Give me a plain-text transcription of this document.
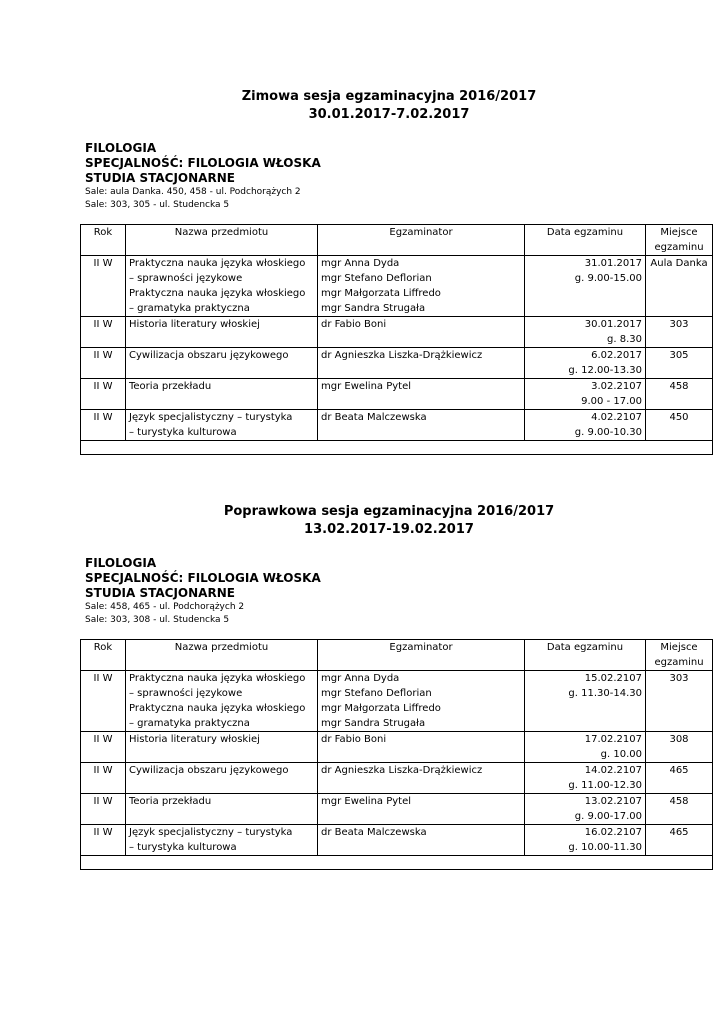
Zimowa sesja egzaminacyjna 2016/2017
30.01.2017-7.02.2017
FILOLOGIA
SPECJALNOŚĆ: FILOLOGIA WŁOSKA
STUDIA STACJONARNE
Sale: aula Danka. 450, 458 - ul. Podchorążych 2
Sale: 303, 305 - ul. Studencka 5
Rok	Nazwa przedmiotu	Egzaminator	Data egzaminu	Miejsce
egzaminu

II W	Praktyczna nauka języka włoskiego
– sprawności językowe
Praktyczna nauka języka włoskiego
– gramatyka praktyczna	mgr Anna Dyda
mgr Stefano Deflorian
mgr Małgorzata Liffredo
mgr Sandra Strugała	31.01.2017
g. 9.00-15.00	Aula Danka
II W	Historia literatury włoskiej	dr Fabio Boni	30.01.2017
g. 8.30	303
II W	Cywilizacja obszaru językowego	dr Agnieszka Liszka-Drążkiewicz	6.02.2017
g. 12.00-13.30	305
II W	Teoria przekładu	mgr Ewelina Pytel	3.02.2107
9.00 - 17.00	458
II W	Język specjalistyczny – turystyka
– turystyka kulturowa	dr Beata Malczewska	4.02.2107
g. 9.00-10.30	450

Poprawkowa sesja egzaminacyjna 2016/2017
13.02.2017-19.02.2017
FILOLOGIA
SPECJALNOŚĆ: FILOLOGIA WŁOSKA
STUDIA STACJONARNE
Sale: 458, 465 - ul. Podchorążych 2
Sale: 303, 308 - ul. Studencka 5
Rok	Nazwa przedmiotu	Egzaminator	Data egzaminu	Miejsce
egzaminu

II W	Praktyczna nauka języka włoskiego
– sprawności językowe
Praktyczna nauka języka włoskiego
– gramatyka praktyczna	mgr Anna Dyda
mgr Stefano Deflorian
mgr Małgorzata Liffredo
mgr Sandra Strugała	15.02.2107
g. 11.30-14.30	303
II W	Historia literatury włoskiej	dr Fabio Boni	17.02.2107
g. 10.00	308
II W	Cywilizacja obszaru językowego	dr Agnieszka Liszka-Drążkiewicz	14.02.2107
g. 11.00-12.30	465
II W	Teoria przekładu	mgr Ewelina Pytel	13.02.2107
g. 9.00-17.00	458
II W	Język specjalistyczny – turystyka
– turystyka kulturowa	dr Beata Malczewska	16.02.2107
g. 10.00-11.30	465
